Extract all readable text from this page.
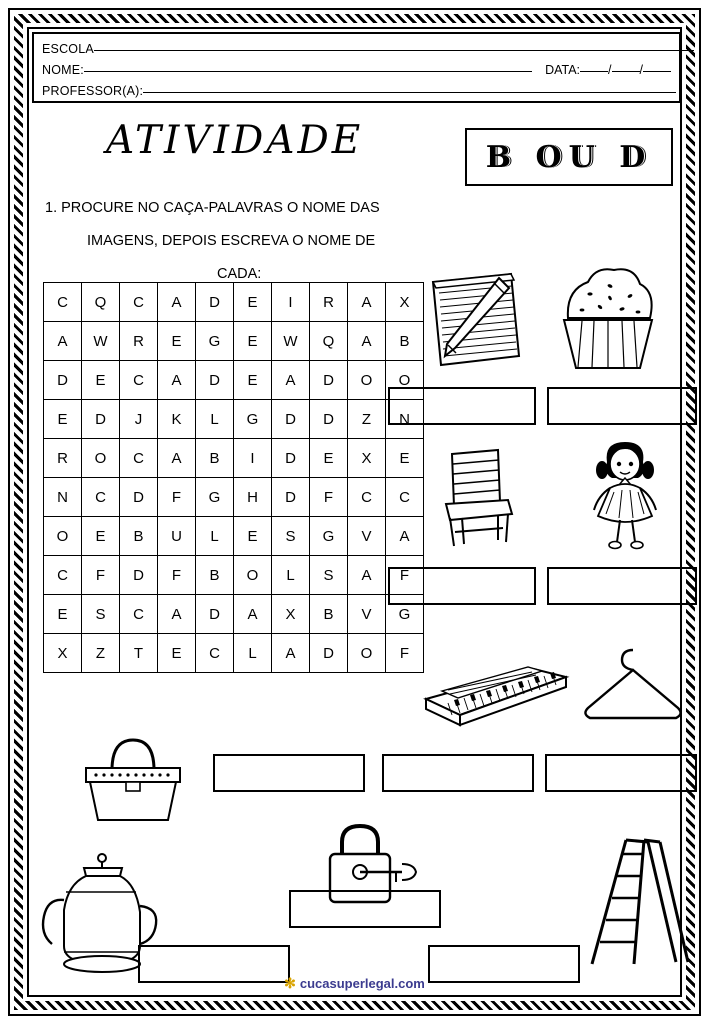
ESCOLA
NOME:	DATA: / /
PROFESSOR(A):
ATIVIDADE	B OU D
1. PROCURE NO CAÇA-PALAVRAS O NOME DAS
IMAGENS, DEPOIS ESCREVA O NOME DE
CADA:
C	Q	C	A	D	E	I	R	A	X
A	W	R	E	G	E	W	Q	A	B
D	E	C	A	D	E	A	D	O	O
E	D	J	K	L	G	D	D	Z	N
R	O	C	A	B	I	D	E	X	E
N	C	D	F	G	H	D	F	C	C
O	E	B	U	L	E	S	G	V	A
C	F	D	F	B	O	L	S	A	F
E	S	C	A	D	A	X	B	V	G
X	Z	T	E	C	L	A	D	O	F
✻ cucasuperlegal.com
